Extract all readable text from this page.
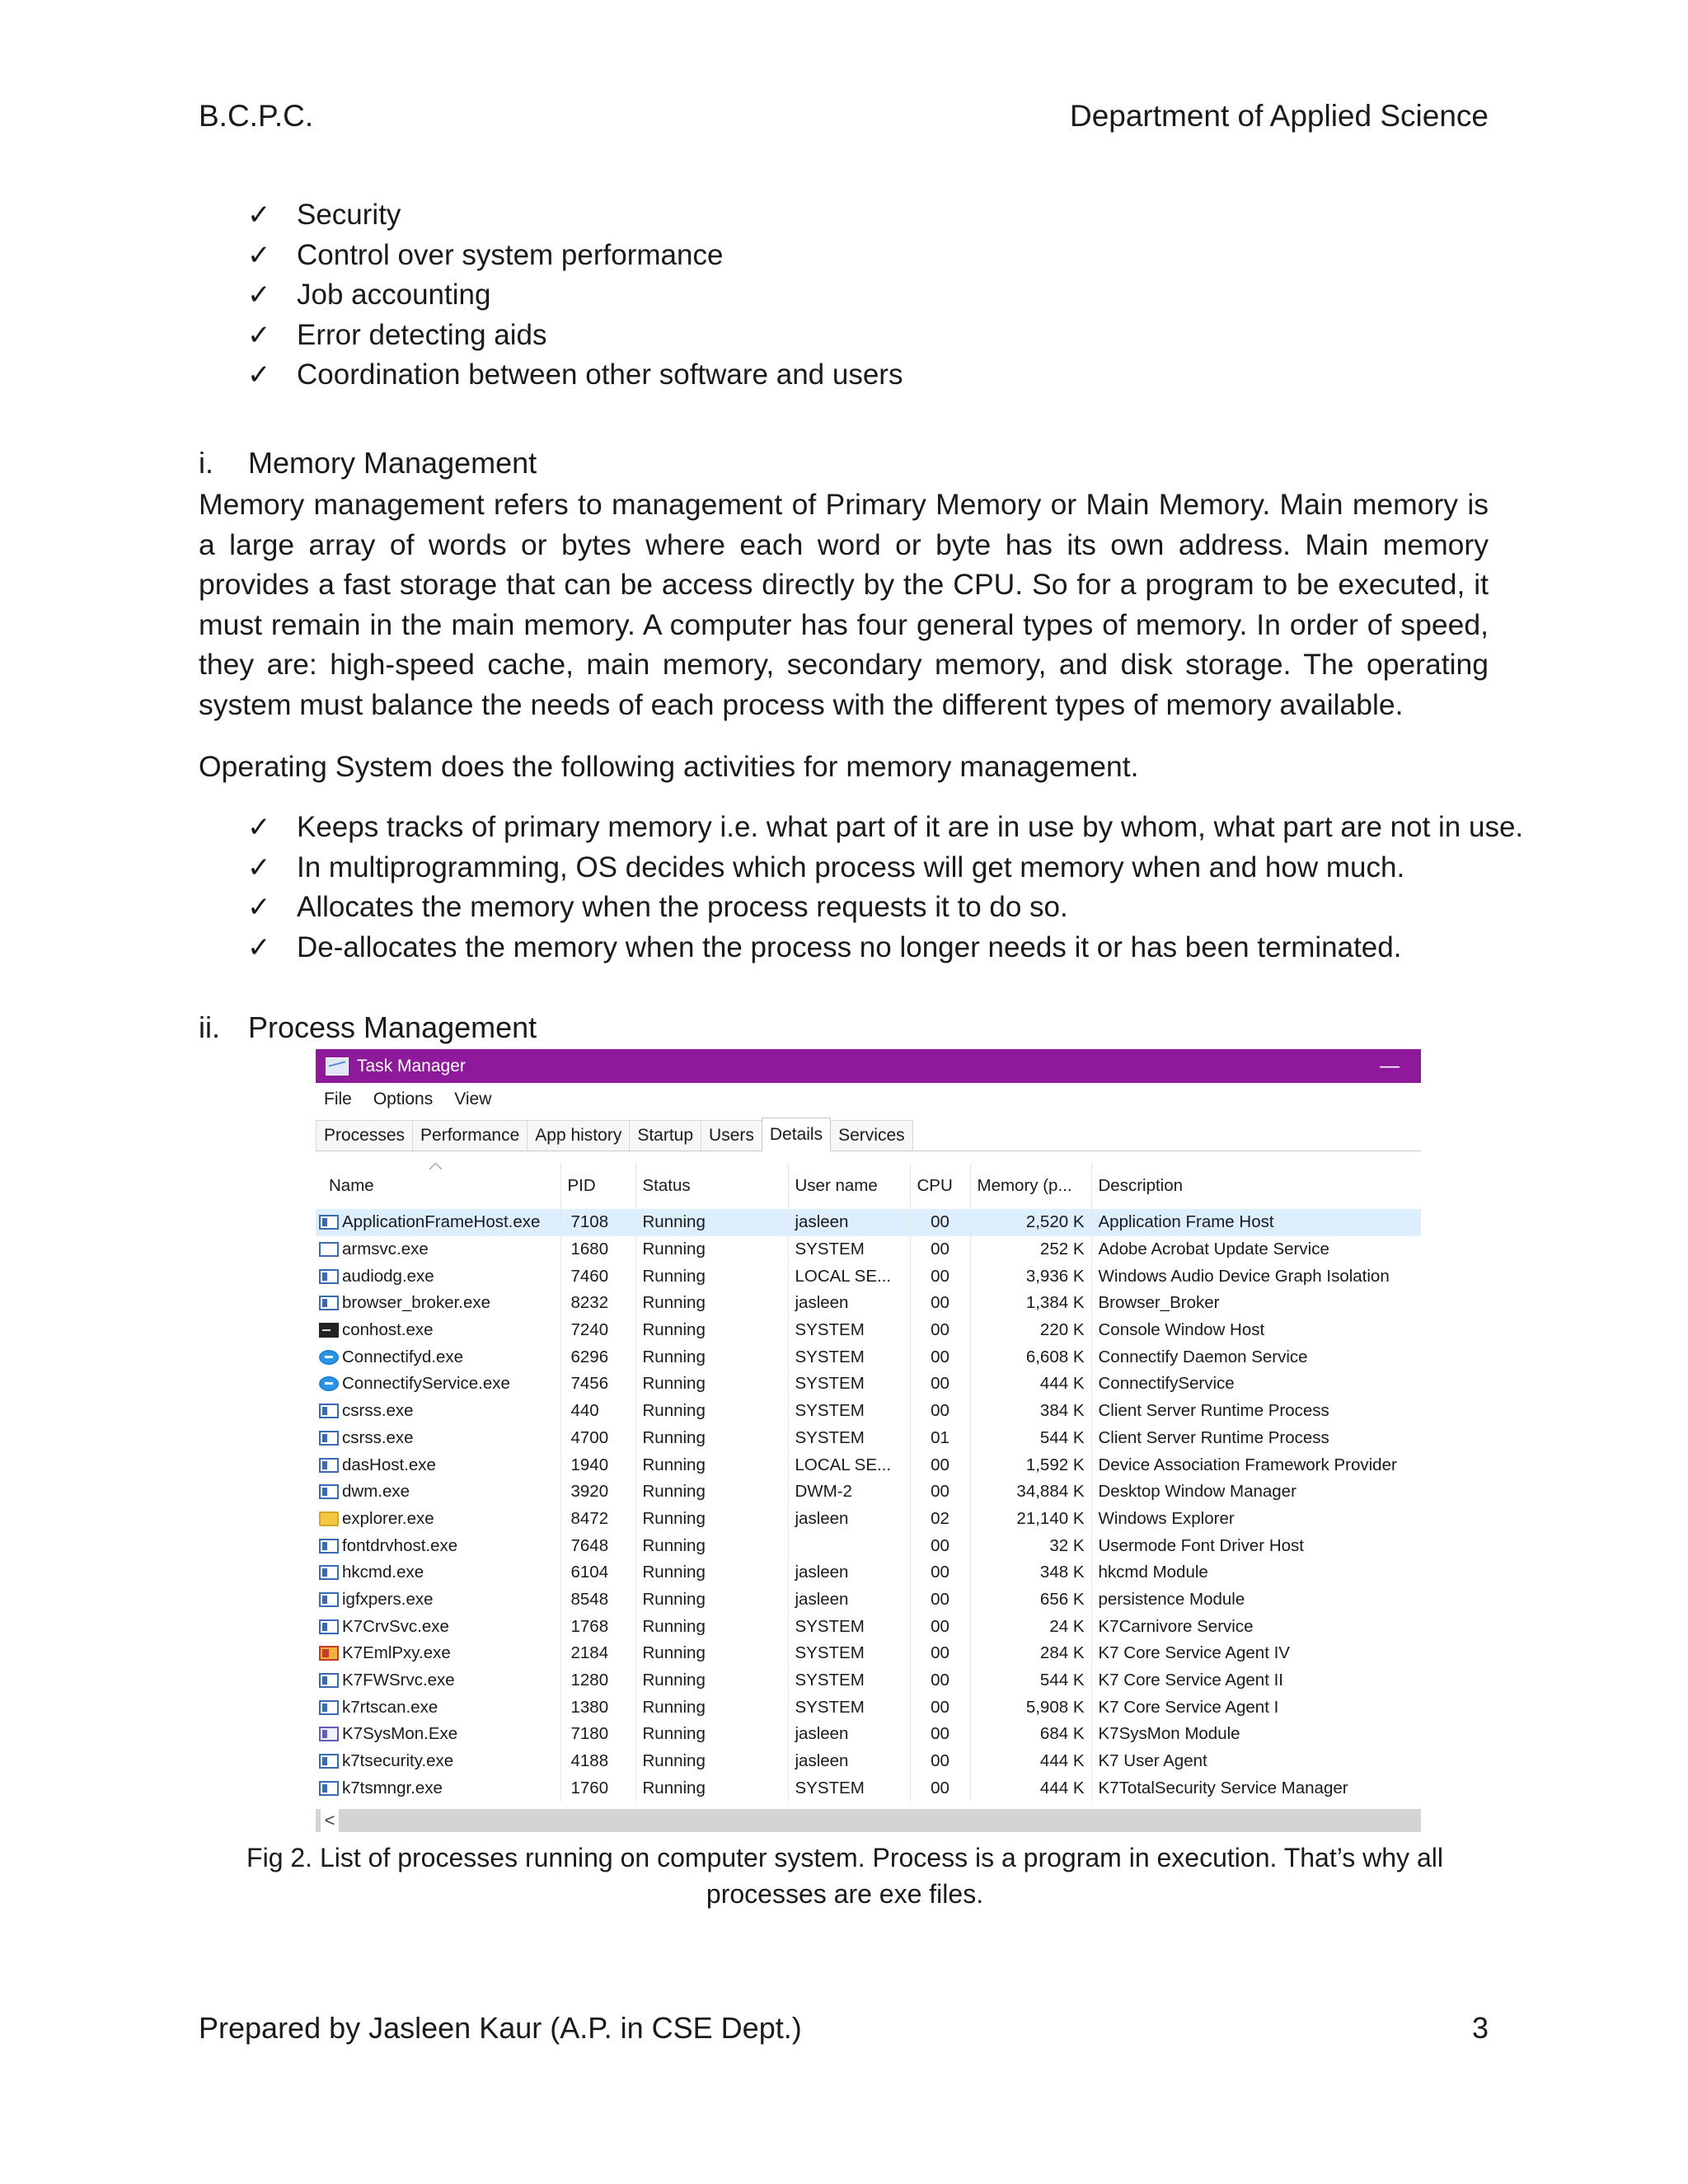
B.C.P.C.	Department of Applied Science
✓ Security
✓ Control over system performance
✓ Job accounting
✓ Error detecting aids
✓ Coordination between other software and users
i.	Memory Management

Memory management refers to management of Primary Memory or Main Memory. Main memory is a large array of words or bytes where each word or byte has its own address. Main memory provides a fast storage that can be access directly by the CPU. So for a program to be executed, it must remain in the main memory. A computer has four general types of memory. In order of speed, they are: high-speed cache, main memory, secondary memory, and disk storage. The operating system must balance the needs of each process with the different types of memory available.

Operating System does the following activities for memory management.

✓ Keeps tracks of primary memory i.e. what part of it are in use by whom, what part are not in use.
✓ In multiprogramming, OS decides which process will get memory when and how much.
✓ Allocates the memory when the process requests it to do so.
✓ De-allocates the memory when the process no longer needs it or has been terminated.
ii. Process Management
Task Manager	—
File Options View
Processes Performance App history Startup Users Details Services
Name	PID	Status	User name	CPU	Memory (p...	Description
ApplicationFrameHost.exe	7108	Running	jasleen	00	2,520 K	Application Frame Host
armsvc.exe	1680	Running	SYSTEM	00	252 K	Adobe Acrobat Update Service
audiodg.exe	7460	Running	LOCAL SE...	00	3,936 K	Windows Audio Device Graph Isolation
browser_broker.exe	8232	Running	jasleen	00	1,384 K	Browser_Broker
conhost.exe	7240	Running	SYSTEM	00	220 K	Console Window Host
Connectifyd.exe	6296	Running	SYSTEM	00	6,608 K	Connectify Daemon Service
ConnectifyService.exe	7456	Running	SYSTEM	00	444 K	ConnectifyService
csrss.exe	440	Running	SYSTEM	00	384 K	Client Server Runtime Process
csrss.exe	4700	Running	SYSTEM	01	544 K	Client Server Runtime Process
dasHost.exe	1940	Running	LOCAL SE...	00	1,592 K	Device Association Framework Provider
dwm.exe	3920	Running	DWM-2	00	34,884 K	Desktop Window Manager
explorer.exe	8472	Running	jasleen	02	21,140 K	Windows Explorer
fontdrvhost.exe	7648	Running		00	32 K	Usermode Font Driver Host
hkcmd.exe	6104	Running	jasleen	00	348 K	hkcmd Module
igfxpers.exe	8548	Running	jasleen	00	656 K	persistence Module
K7CrvSvc.exe	1768	Running	SYSTEM	00	24 K	K7Carnivore Service
K7EmlPxy.exe	2184	Running	SYSTEM	00	284 K	K7 Core Service Agent IV
K7FWSrvc.exe	1280	Running	SYSTEM	00	544 K	K7 Core Service Agent II
k7rtscan.exe	1380	Running	SYSTEM	00	5,908 K	K7 Core Service Agent I
K7SysMon.Exe	7180	Running	jasleen	00	684 K	K7SysMon Module
k7tsecurity.exe	4188	Running	jasleen	00	444 K	K7 User Agent
k7tsmngr.exe	1760	Running	SYSTEM	00	444 K	K7TotalSecurity Service Manager
<

Fig 2. List of processes running on computer system. Process is a program in execution. That’s why all processes are exe files.

Prepared by Jasleen Kaur (A.P. in CSE Dept.)	3
